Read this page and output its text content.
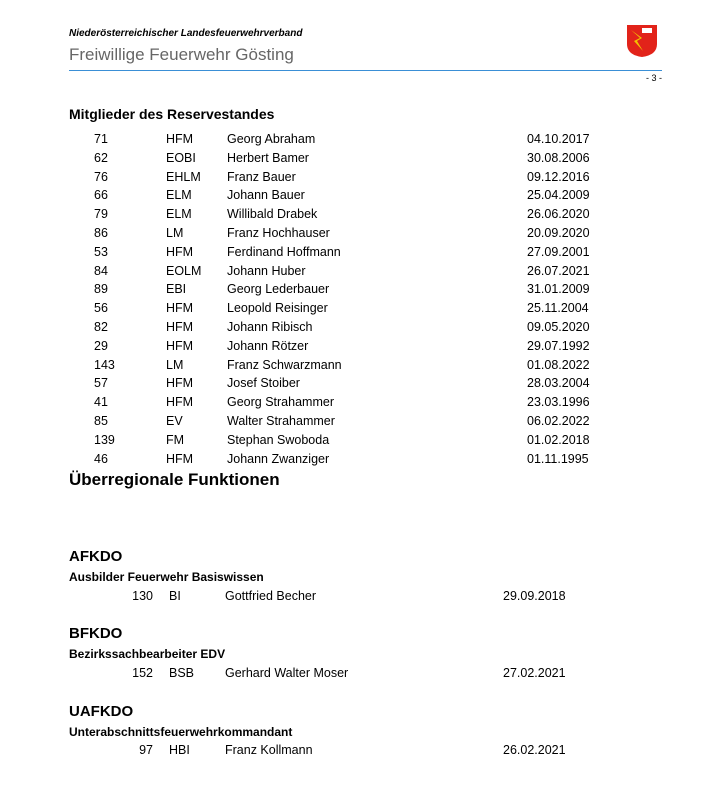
Niederösterreichischer Landesfeuerwehrverband
Freiwillige Feuerwehr Gösting
- 3 -
Mitglieder des Reservestandes
71	HFM	Georg Abraham	04.10.2017
62	EOBI Herbert Bamer	30.08.2006
76	EHLM Franz Bauer	09.12.2016
66	ELM	Johann Bauer	25.04.2009
79	ELM	Willibald Drabek	26.06.2020
86	LM	Franz Hochhauser	20.09.2020
53	HFM	Ferdinand Hoffmann	27.09.2001
84	EOLM Johann Huber	26.07.2021
89	EBI	Georg Lederbauer	31.01.2009
56	HFM	Leopold Reisinger	25.11.2004
82	HFM	Johann Ribisch	09.05.2020
29	HFM	Johann Rötzer	29.07.1992
143	LM	Franz Schwarzmann	01.08.2022
57	HFM	Josef Stoiber	28.03.2004
41	HFM	Georg Strahammer	23.03.1996
85	EV	Walter Strahammer	06.02.2022
139	FM	Stephan Swoboda	01.02.2018
46	HFM	Johann Zwanziger	01.11.1995
Überregionale Funktionen
AFKDO
Ausbilder Feuerwehr Basiswissen
130 BI	Gottfried Becher	29.09.2018
BFKDO
Bezirkssachbearbeiter EDV
152 BSB Gerhard Walter Moser	27.02.2021
UAFKDO
Unterabschnittsfeuerwehrkommandant
97 HBI	Franz Kollmann	26.02.2021
